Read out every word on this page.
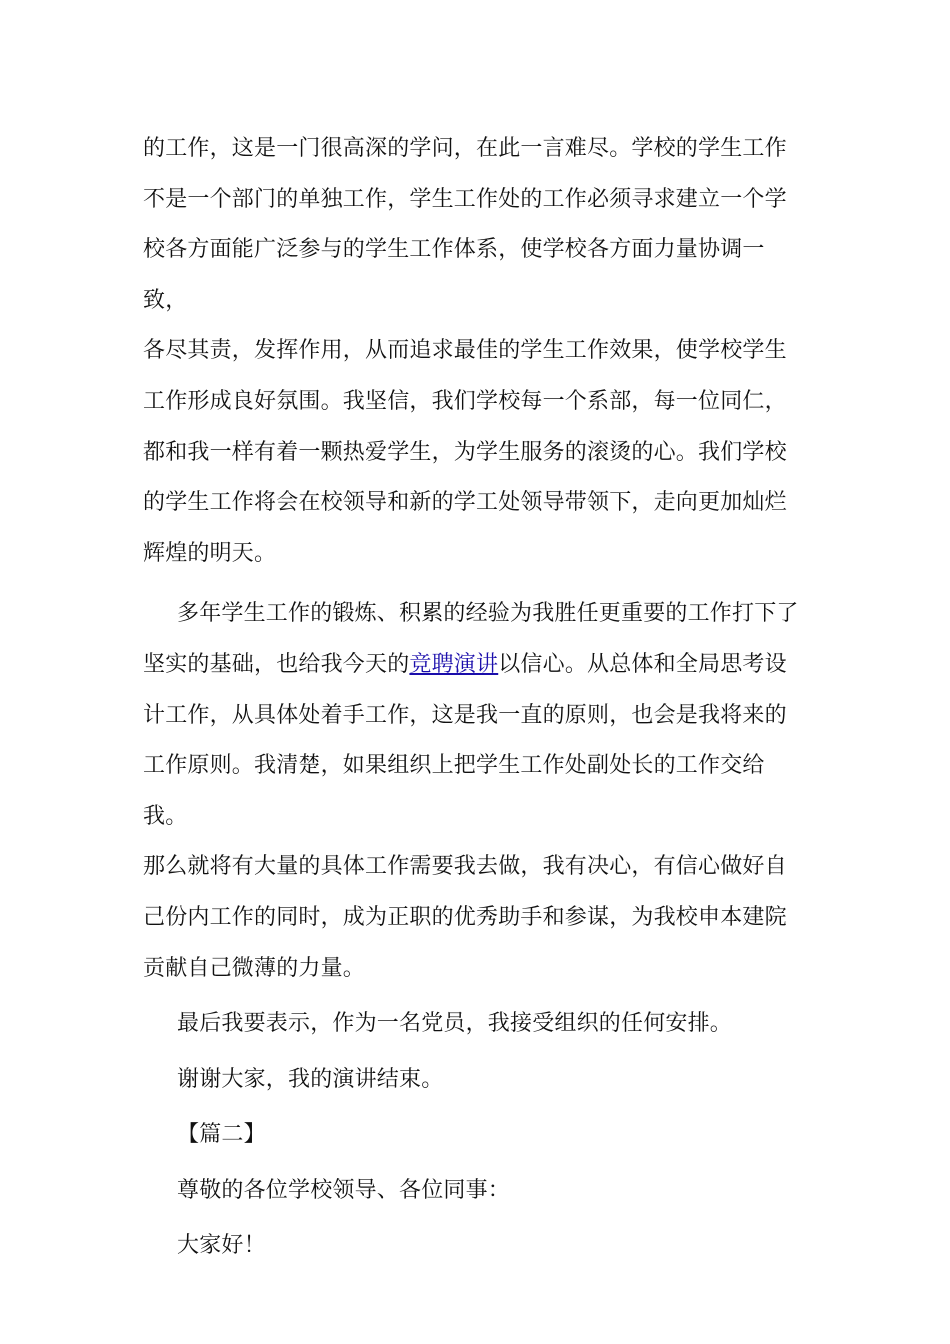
的工作，这是一门很高深的学问，在此一言难尽。学校的学生工作
不是一个部门的单独工作，学生工作处的工作必须寻求建立一个学
校各方面能广泛参与的学生工作体系，使学校各方面力量协调一致，
各尽其责，发挥作用，从而追求最佳的学生工作效果，使学校学生
工作形成良好氛围。我坚信，我们学校每一个系部，每一位同仁，
都和我一样有着一颗热爱学生，为学生服务的滚烫的心。我们学校
的学生工作将会在校领导和新的学工处领导带领下，走向更加灿烂
辉煌的明天。

多年学生工作的锻炼、积累的经验为我胜任更重要的工作打下了
坚实的基础，也给我今天的竞聘演讲以信心。从总体和全局思考设
计工作，从具体处着手工作，这是我一直的原则，也会是我将来的
工作原则。我清楚，如果组织上把学生工作处副处长的工作交给我。
那么就将有大量的具体工作需要我去做，我有决心，有信心做好自
己份内工作的同时，成为正职的优秀助手和参谋，为我校申本建院
贡献自己微薄的力量。

最后我要表示，作为一名党员，我接受组织的任何安排。

谢谢大家，我的演讲结束。

【篇二】

尊敬的各位学校领导、各位同事：

大家好！
